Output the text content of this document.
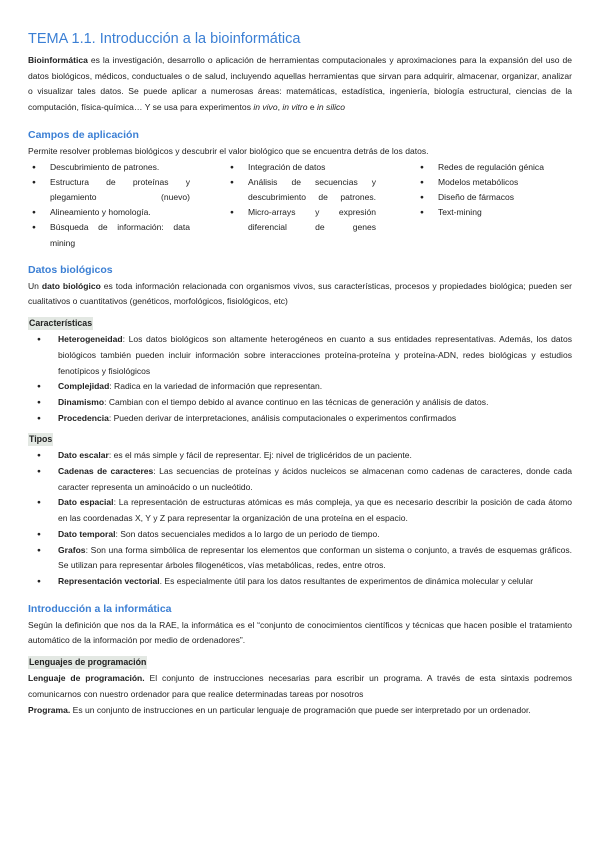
TEMA 1.1. Introducción a la bioinformática

Bioinformática es la investigación, desarrollo o aplicación de herramientas computacionales y aproximaciones para la expansión del uso de datos biológicos, médicos, conductuales o de salud, incluyendo aquellas herramientas que sirvan para adquirir, almacenar, organizar, analizar o visualizar tales datos. Se puede aplicar a numerosas áreas: matemáticas, estadística, ingeniería, biología estructural, ciencias de la computación, física-química… Y se usa para experimentos in vivo, in vitro e in silico

Campos de aplicación

Permite resolver problemas biológicos y descubrir el valor biológico que se encuentra detrás de los datos.

● Descubrimiento de patrones.
● Estructura de proteínas y plegamiento (nuevo)
● Alineamiento y homología.
● Búsqueda de información: data mining
● Integración de datos
● Análisis de secuencias y descubrimiento de patrones.
● Micro-arrays y expresión diferencial de genes
● Redes de regulación génica
● Modelos metabólicos
● Diseño de fármacos
● Text-mining
Datos biológicos

Un dato biológico es toda información relacionada con organismos vivos, sus características, procesos y propiedades biológica; pueden ser cualitativos o cuantitativos (genéticos, morfológicos, fisiológicos, etc)

Características
● Heterogeneidad: Los datos biológicos son altamente heterogéneos en cuanto a sus entidades representativas. Además, los datos biológicos también pueden incluir información sobre interacciones proteína-proteína y proteína-ADN, redes biológicas y estudios fenotípicos y fisiológicos
● Complejidad: Radica en la variedad de información que representan.
● Dinamismo: Cambian con el tiempo debido al avance continuo en las técnicas de generación y análisis de datos.
● Procedencia: Pueden derivar de interpretaciones, análisis computacionales o experimentos confirmados
Tipos
● Dato escalar: es el más simple y fácil de representar. Ej: nivel de triglicéridos de un paciente.
● Cadenas de caracteres: Las secuencias de proteínas y ácidos nucleicos se almacenan como cadenas de caracteres, donde cada caracter representa un aminoácido o un nucleótido.
● Dato espacial: La representación de estructuras atómicas es más compleja, ya que es necesario describir la posición de cada átomo en las coordenadas X, Y y Z para representar la organización de una proteína en el espacio.
● Dato temporal: Son datos secuenciales medidos a lo largo de un periodo de tiempo.
● Grafos: Son una forma simbólica de representar los elementos que conforman un sistema o conjunto, a través de esquemas gráficos. Se utilizan para representar árboles filogenéticos, vías metabólicas, redes, entre otros.
● Representación vectorial. Es especialmente útil para los datos resultantes de experimentos de dinámica molecular y celular
Introducción a la informática

Según la definición que nos da la RAE, la informática es el “conjunto de conocimientos científicos y técnicas que hacen posible el tratamiento automático de la información por medio de ordenadores”.

Lenguajes de programación

Lenguaje de programación. El conjunto de instrucciones necesarias para escribir un programa. A través de esta sintaxis podremos comunicarnos con nuestro ordenador para que realice determinadas tareas por nosotros

Programa. Es un conjunto de instrucciones en un particular lenguaje de programación que puede ser interpretado por un ordenador.
